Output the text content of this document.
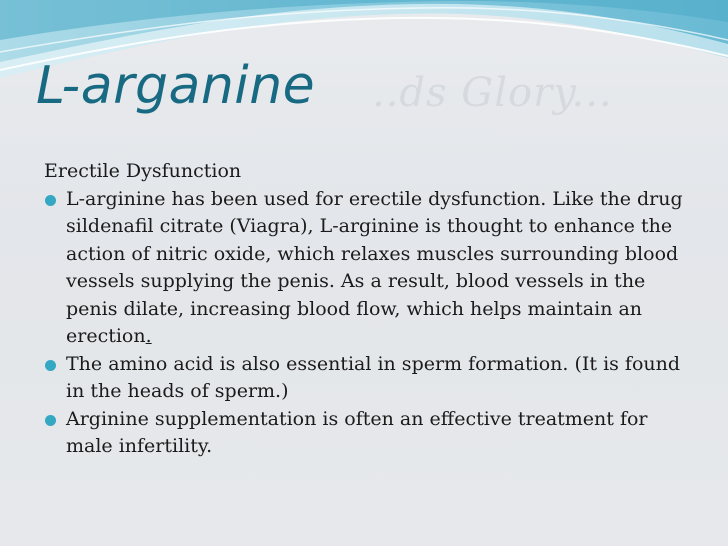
..ds Glory...
L-arganine

Erectile Dysfunction

L-arginine has been used for erectile dysfunction. Like the drug sildenafil citrate (Viagra), L-arginine is thought to enhance the action of nitric oxide, which relaxes muscles surrounding blood vessels supplying the penis. As a result, blood vessels in the penis dilate, increasing blood flow, which helps maintain an erection.
The amino acid is also essential in sperm formation. (It is found in the heads of sperm.)
Arginine supplementation is often an effective treatment for male infertility.
